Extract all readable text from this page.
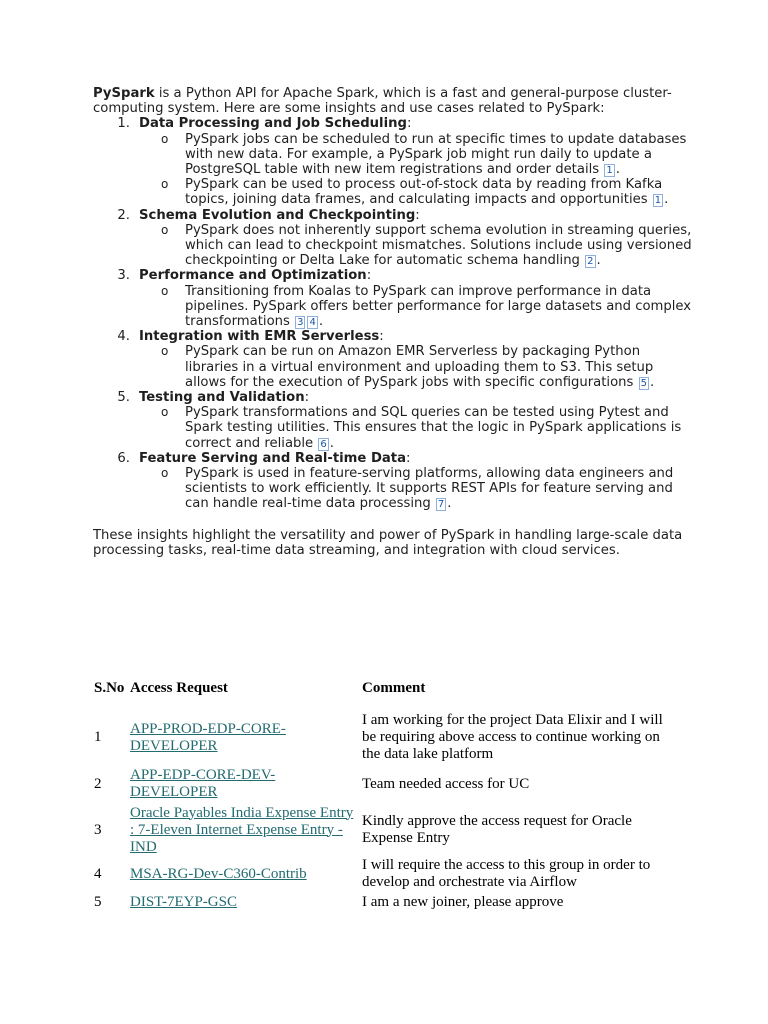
PySpark is a Python API for Apache Spark, which is a fast and general-purpose cluster-computing system. Here are some insights and use cases related to PySpark:

1. Data Processing and Job Scheduling:
o PySpark jobs can be scheduled to run at specific times to update databases with new data. For example, a PySpark job might run daily to update a PostgreSQL table with new item registrations and order details 1 .
o PySpark can be used to process out-of-stock data by reading from Kafka topics, joining data frames, and calculating impacts and opportunities 1 .
2. Schema Evolution and Checkpointing:
o PySpark does not inherently support schema evolution in streaming queries, which can lead to checkpoint mismatches. Solutions include using versioned checkpointing or Delta Lake for automatic schema handling 2 .
3. Performance and Optimization:
o Transitioning from Koalas to PySpark can improve performance in data pipelines. PySpark offers better performance for large datasets and complex transformations 3 4 .
4. Integration with EMR Serverless:
o PySpark can be run on Amazon EMR Serverless by packaging Python libraries in a virtual environment and uploading them to S3. This setup allows for the execution of PySpark jobs with specific configurations 5 .
5. Testing and Validation:
o PySpark transformations and SQL queries can be tested using Pytest and Spark testing utilities. This ensures that the logic in PySpark applications is correct and reliable 6 .
6. Feature Serving and Real-time Data:
o PySpark is used in feature-serving platforms, allowing data engineers and scientists to work efficiently. It supports REST APIs for feature serving and can handle real-time data processing 7 .

These insights highlight the versatility and power of PySpark in handling large-scale data processing tasks, real-time data streaming, and integration with cloud services.

S.No	Access Request	Comment

1	APP-PROD-EDP-CORE-DEVELOPER	I am working for the project Data Elixir and I will be requiring above access to continue working on the data lake platform
2	APP-EDP-CORE-DEV-DEVELOPER	Team needed access for UC
3	Oracle Payables India Expense Entry : 7-Eleven Internet Expense Entry - IND	Kindly approve the access request for Oracle Expense Entry
4	MSA-RG-Dev-C360-Contrib	I will require the access to this group in order to develop and orchestrate via Airflow
5	DIST-7EYP-GSC	I am a new joiner, please approve
